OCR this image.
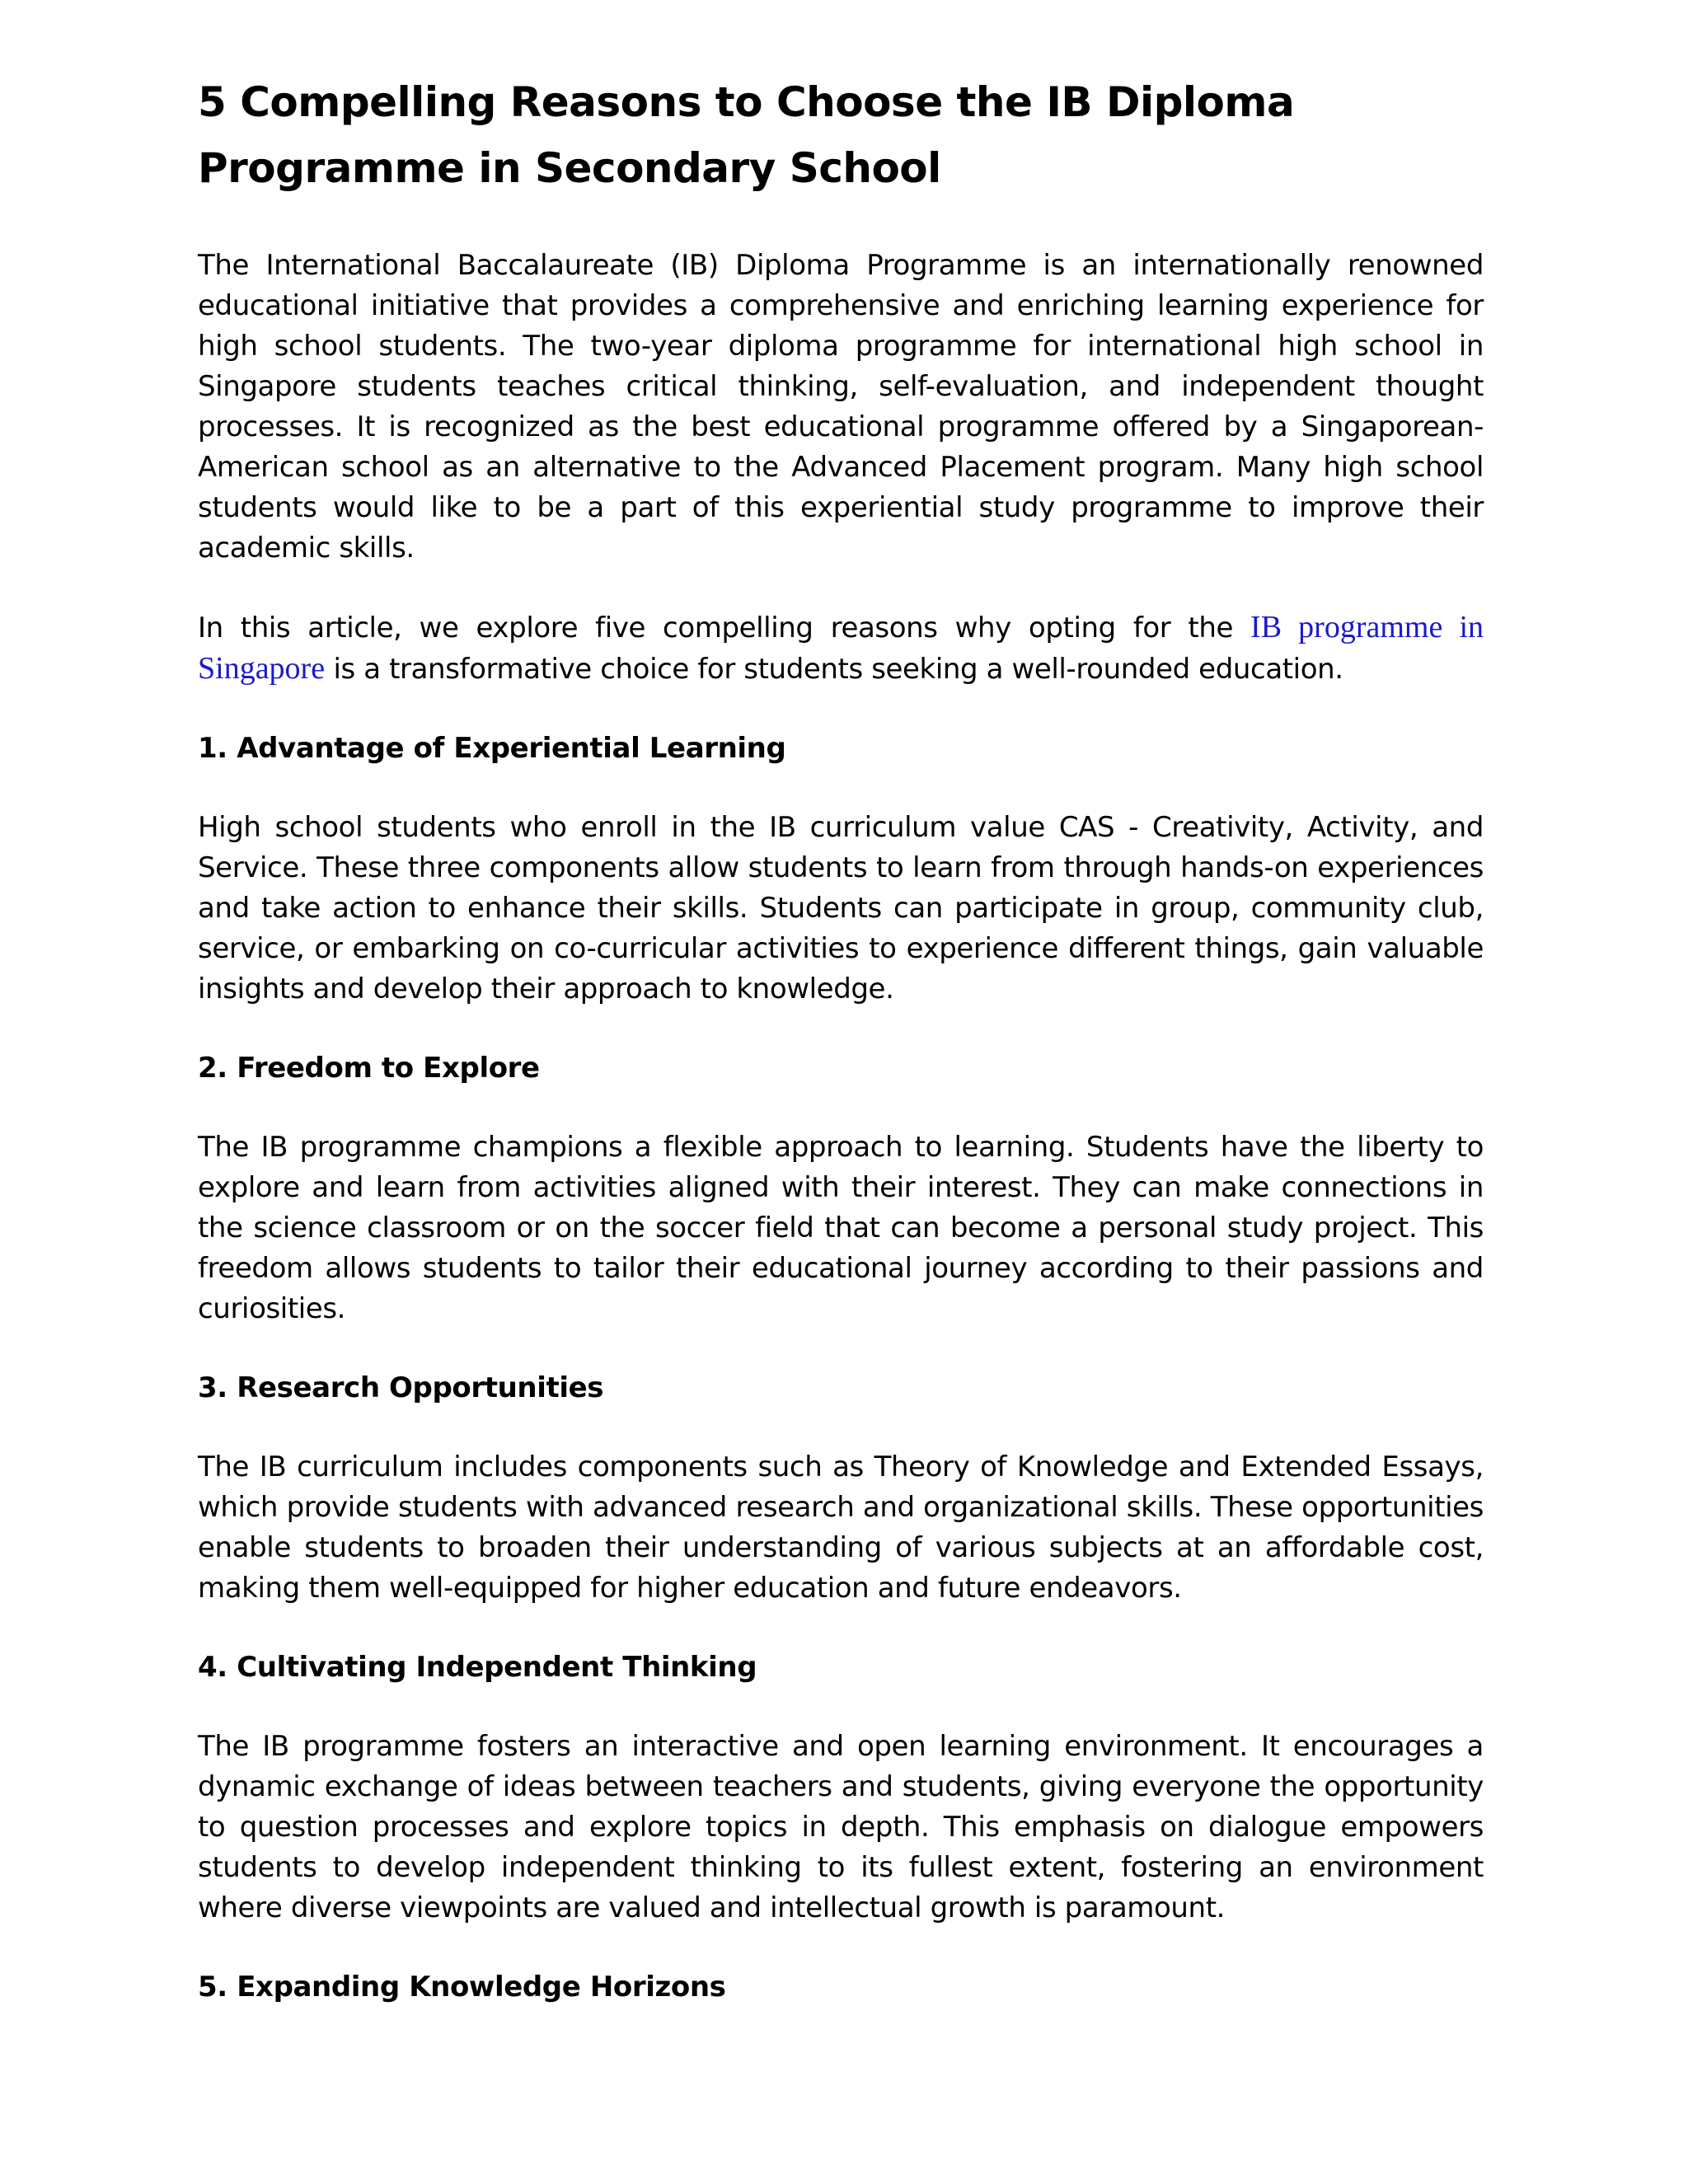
5 Compelling Reasons to Choose the IB Diploma Programme in Secondary School

The International Baccalaureate (IB) Diploma Programme is an internationally renowned educational initiative that provides a comprehensive and enriching learning experience for high school students. The two-year diploma programme for international high school in Singapore students teaches critical thinking, self-evaluation, and independent thought processes. It is recognized as the best educational programme offered by a Singaporean-American school as an alternative to the Advanced Placement program. Many high school students would like to be a part of this experiential study programme to improve their academic skills.

In this article, we explore five compelling reasons why opting for the IB programme in Singapore is a transformative choice for students seeking a well-rounded education.

1. Advantage of Experiential Learning

High school students who enroll in the IB curriculum value CAS - Creativity, Activity, and Service. These three components allow students to learn from through hands-on experiences and take action to enhance their skills. Students can participate in group, community club, service, or embarking on co-curricular activities to experience different things, gain valuable insights and develop their approach to knowledge.

2. Freedom to Explore

The IB programme champions a flexible approach to learning. Students have the liberty to explore and learn from activities aligned with their interest. They can make connections in the science classroom or on the soccer field that can become a personal study project. This freedom allows students to tailor their educational journey according to their passions and curiosities.

3. Research Opportunities

The IB curriculum includes components such as Theory of Knowledge and Extended Essays, which provide students with advanced research and organizational skills. These opportunities enable students to broaden their understanding of various subjects at an affordable cost, making them well-equipped for higher education and future endeavors.

4. Cultivating Independent Thinking

The IB programme fosters an interactive and open learning environment. It encourages a dynamic exchange of ideas between teachers and students, giving everyone the opportunity to question processes and explore topics in depth. This emphasis on dialogue empowers students to develop independent thinking to its fullest extent, fostering an environment where diverse viewpoints are valued and intellectual growth is paramount.

5. Expanding Knowledge Horizons
